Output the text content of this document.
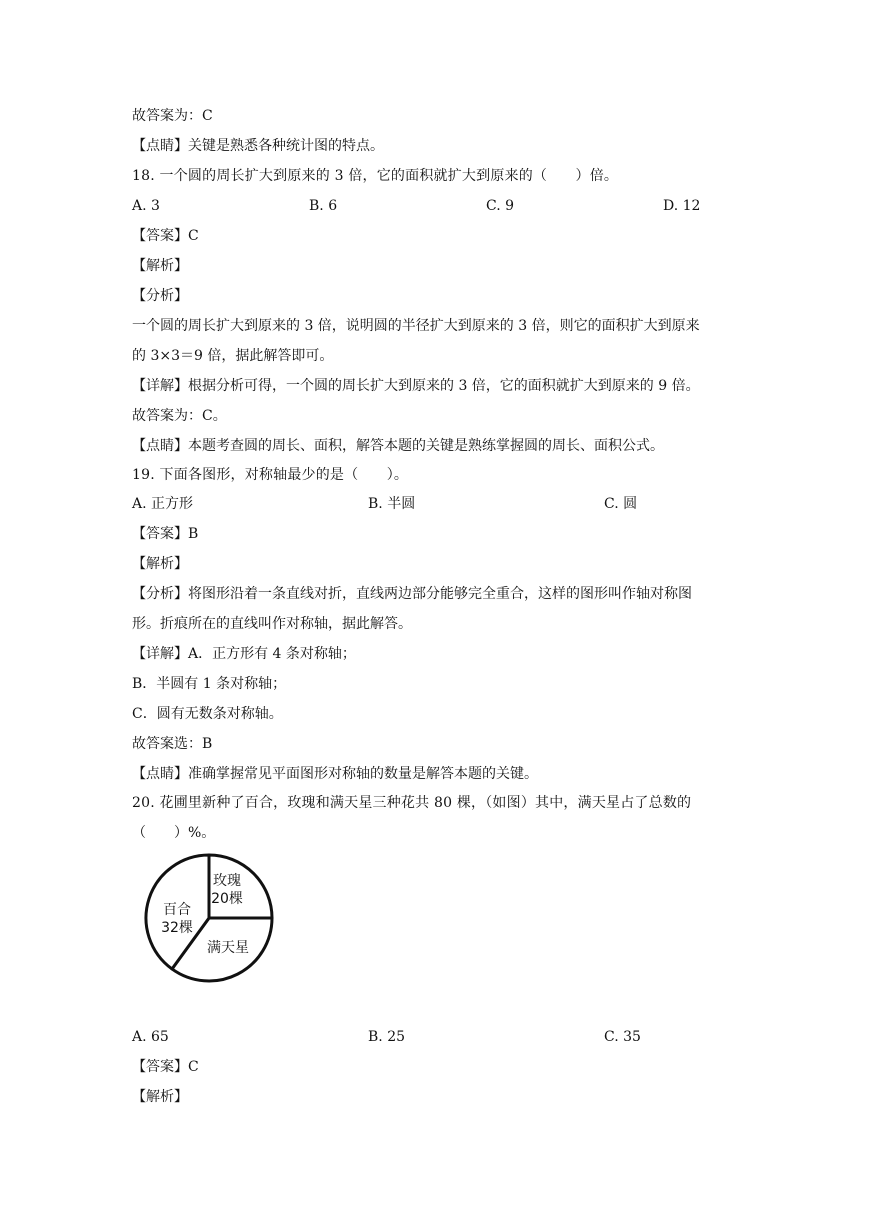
故答案为：C
【点睛】关键是熟悉各种统计图的特点。
18. 一个圆的周长扩大到原来的 3 倍，它的面积就扩大到原来的（　　）倍。
A. 3	B. 6	C. 9	D. 12
【答案】C
【解析】
【分析】
一个圆的周长扩大到原来的 3 倍，说明圆的半径扩大到原来的 3 倍，则它的面积扩大到原来
的 3×3＝9 倍，据此解答即可。
【详解】根据分析可得，一个圆的周长扩大到原来的 3 倍，它的面积就扩大到原来的 9 倍。
故答案为：C。
【点睛】本题考查圆的周长、面积，解答本题的关键是熟练掌握圆的周长、面积公式。
19. 下面各图形，对称轴最少的是（　　）。
A. 正方形	B. 半圆	C. 圆
【答案】B
【解析】
【分析】将图形沿着一条直线对折，直线两边部分能够完全重合，这样的图形叫作轴对称图
形。折痕所在的直线叫作对称轴，据此解答。
【详解】A．正方形有 4 条对称轴；
B．半圆有 1 条对称轴；
C．圆有无数条对称轴。
故答案选：B
【点睛】准确掌握常见平面图形对称轴的数量是解答本题的关键。
20. 花圃里新种了百合，玫瑰和满天星三种花共 80 棵，（如图）其中，满天星占了总数的
（　　）%。
玫瑰
20棵
满天星
百合
32棵
A. 65	B. 25	C. 35
【答案】C
【解析】
